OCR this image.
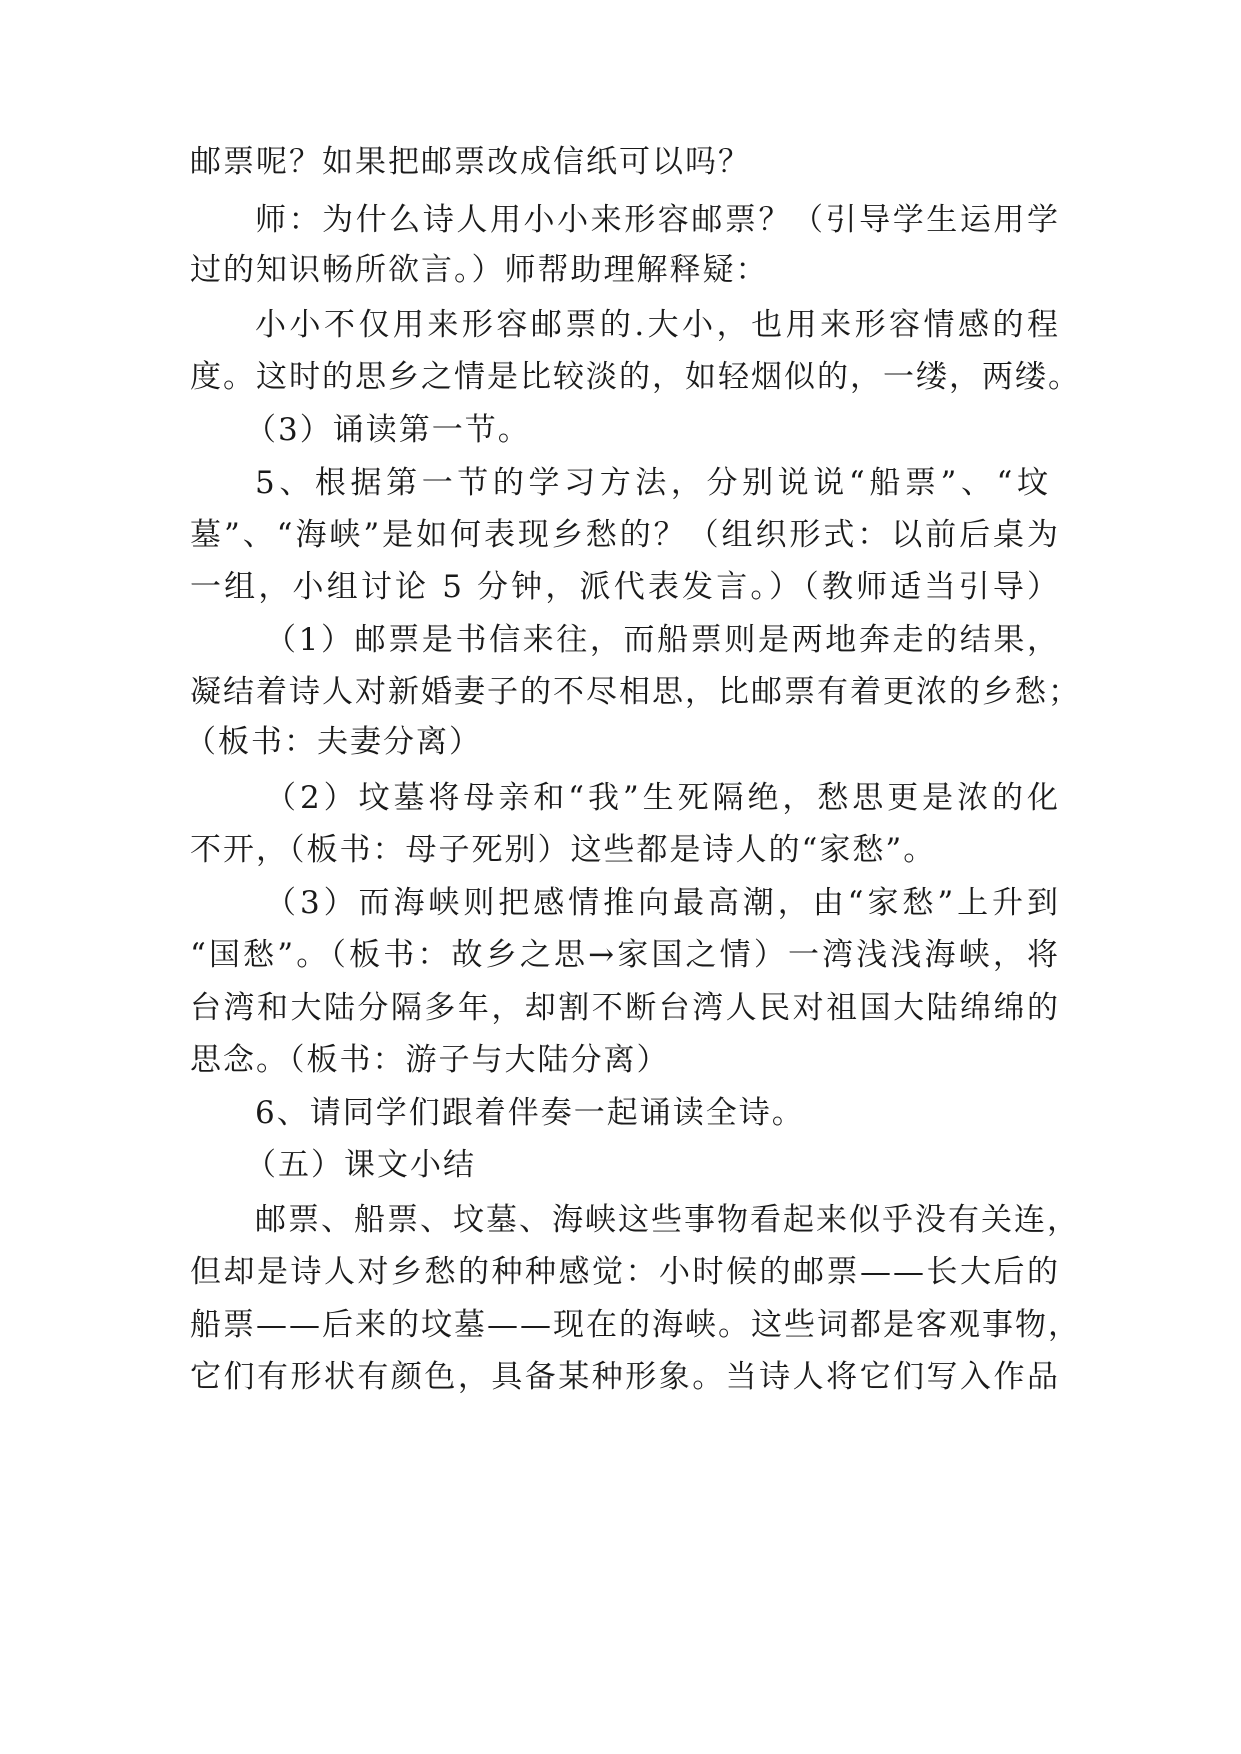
邮票呢？如果把邮票改成信纸可以吗？
师：为什么诗人用小小来形容邮票？（引导学生运用学
过的知识畅所欲言。）师帮助理解释疑：
小小不仅用来形容邮票的.大小，也用来形容情感的程
度。这时的思乡之情是比较淡的，如轻烟似的，一缕，两缕。
（3）诵读第一节。
5、根据第一节的学习方法，分别说说“船票”、“坟
墓”、“海峡”是如何表现乡愁的？（组织形式：以前后桌为
一组，小组讨论 5 分钟，派代表发言。）（教师适当引导）
（1）邮票是书信来往，而船票则是两地奔走的结果，
凝结着诗人对新婚妻子的不尽相思，比邮票有着更浓的乡愁；
（板书：夫妻分离）
（2）坟墓将母亲和“我”生死隔绝，愁思更是浓的化
不开，（板书：母子死别）这些都是诗人的“家愁”。
（3）而海峡则把感情推向最高潮，由“家愁”上升到
“国愁”。（板书：故乡之思→家国之情）一湾浅浅海峡，将
台湾和大陆分隔多年，却割不断台湾人民对祖国大陆绵绵的
思念。（板书：游子与大陆分离）
6、请同学们跟着伴奏一起诵读全诗。
（五）课文小结
邮票、船票、坟墓、海峡这些事物看起来似乎没有关连，
但却是诗人对乡愁的种种感觉：小时候的邮票——长大后的
船票——后来的坟墓——现在的海峡。这些词都是客观事物，
它们有形状有颜色，具备某种形象。当诗人将它们写入作品
